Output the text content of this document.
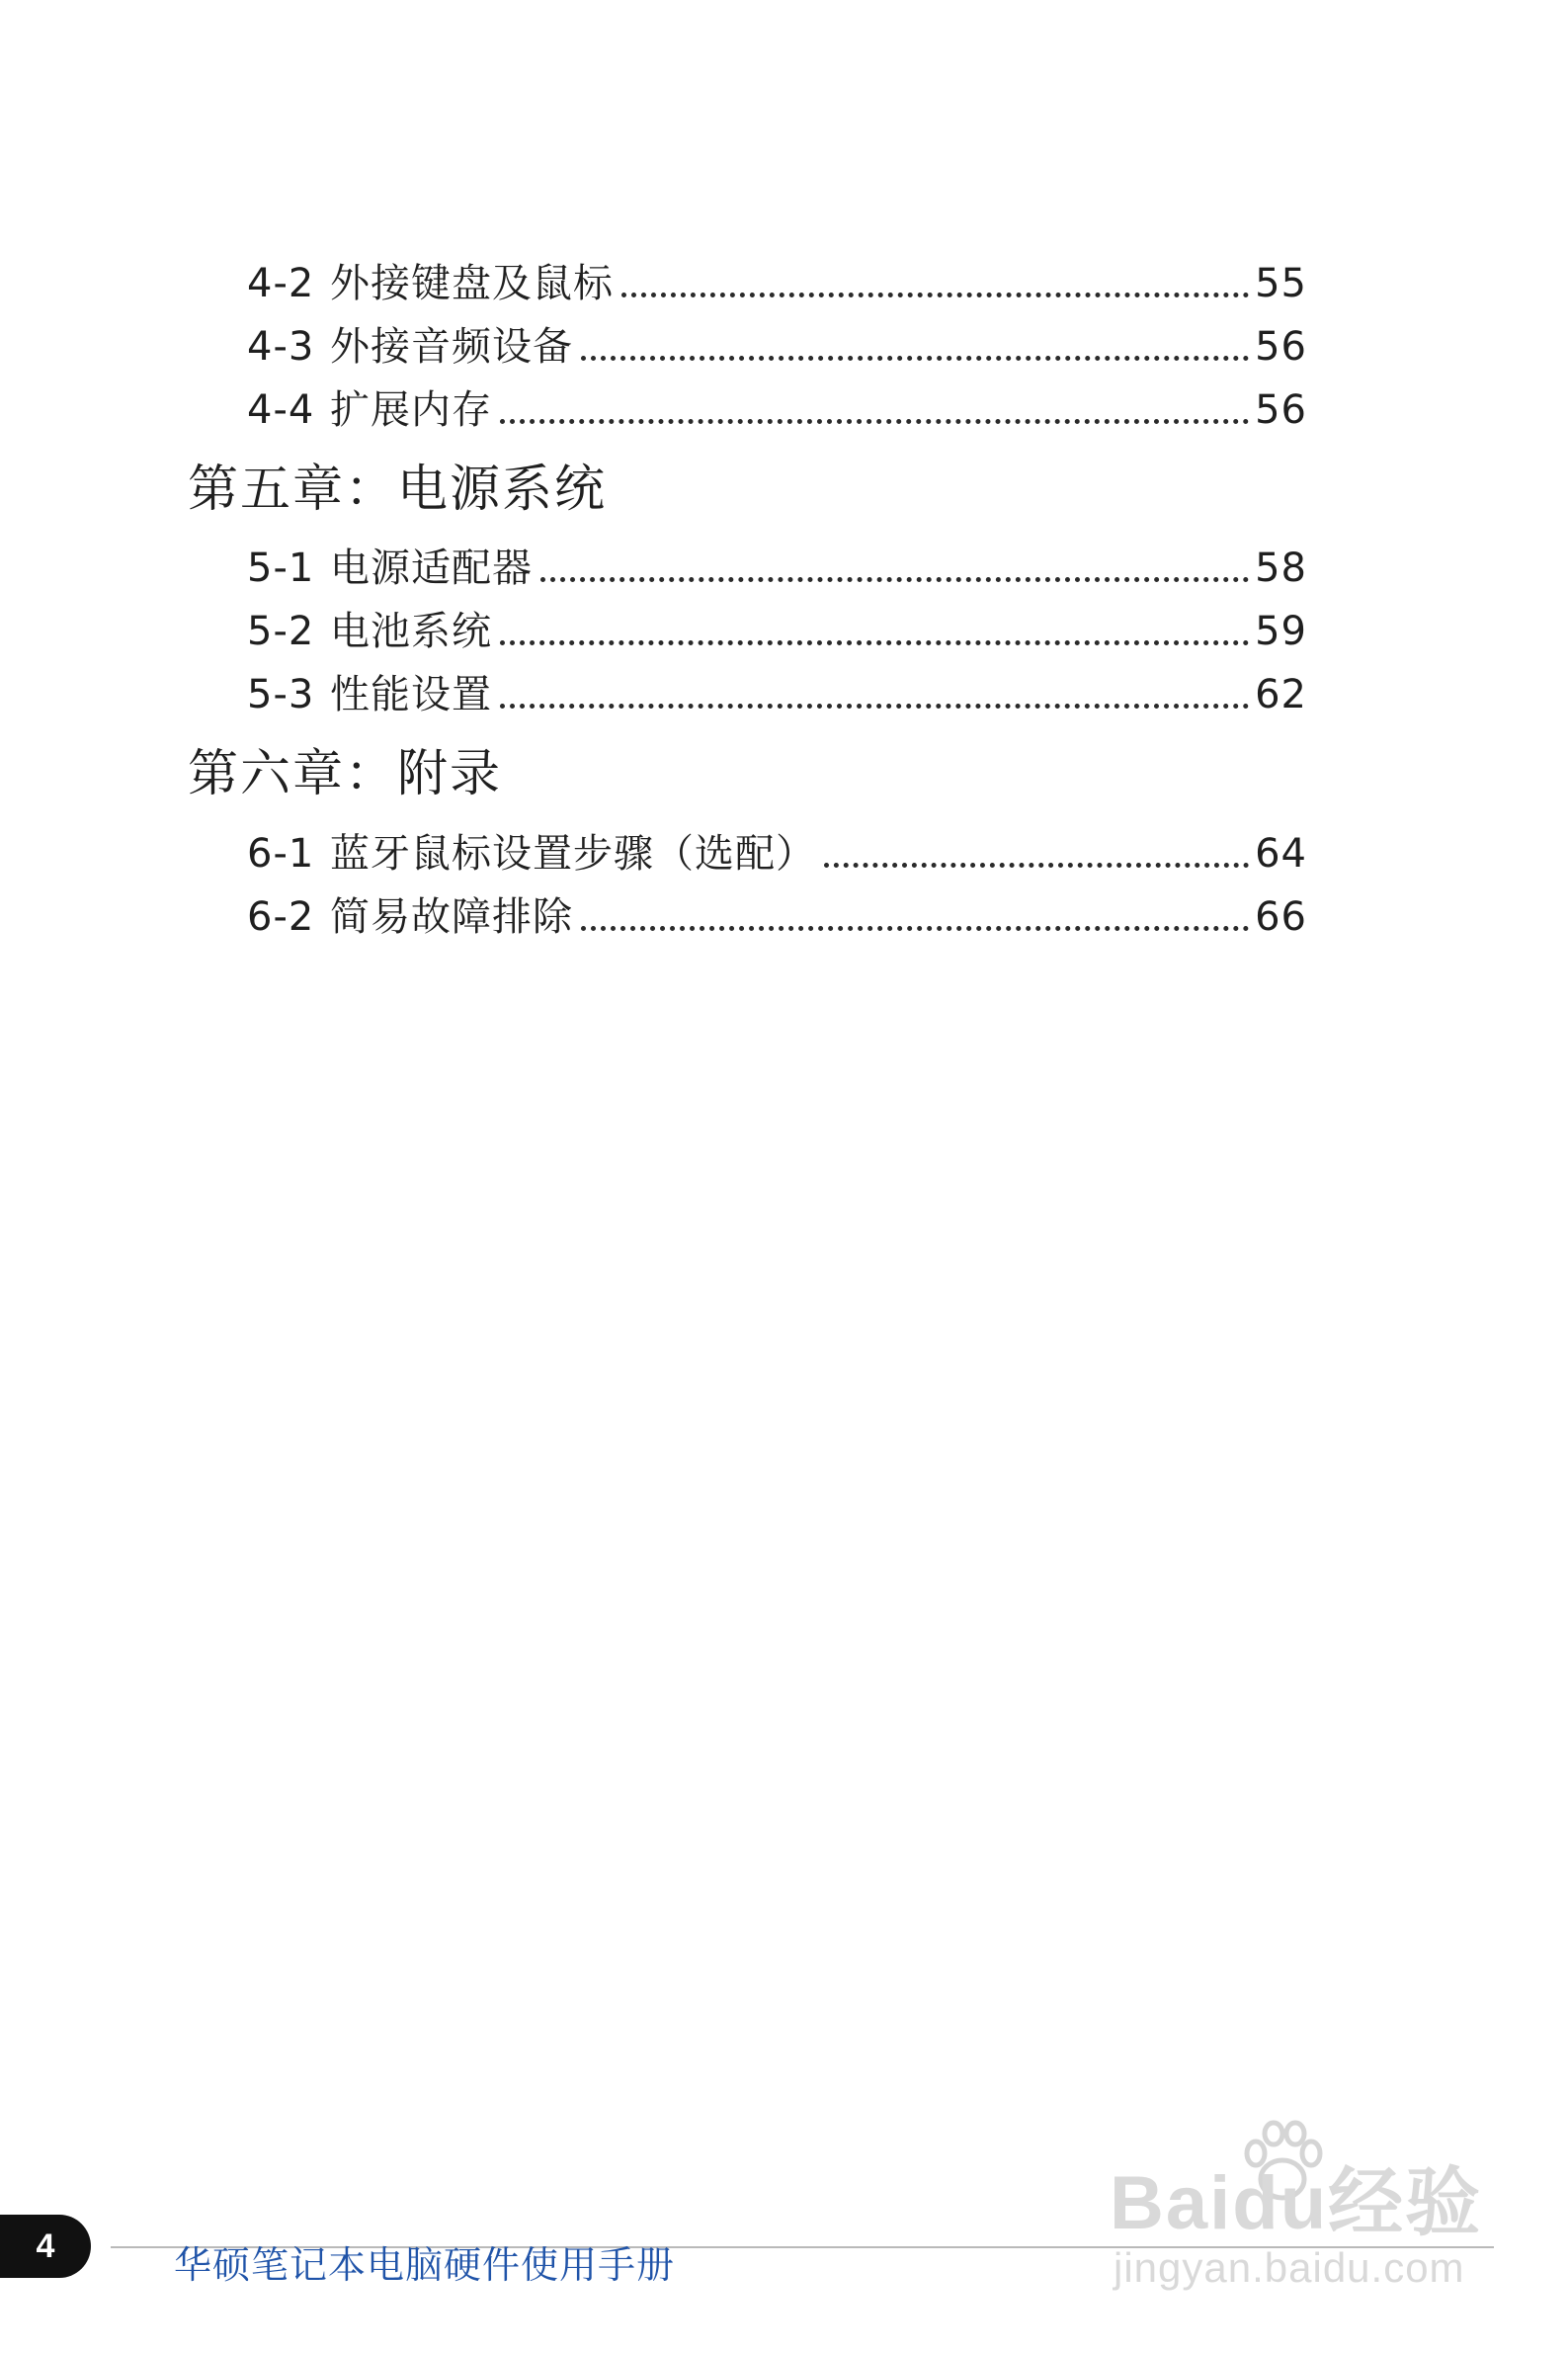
4-2 外接键盘及鼠标	55
4-3 外接音频设备	56
4-4 扩展内存	56
第五章：电源系统
5-1 电源适配器	58
5-2 电池系统	59
5-3 性能设置	62
第六章：附录
6-1 蓝牙鼠标设置步骤（选配）	64
6-2 简易故障排除	66
4	华硕笔记本电脑硬件使用手册
Baidu经验
jingyan.baidu.com
